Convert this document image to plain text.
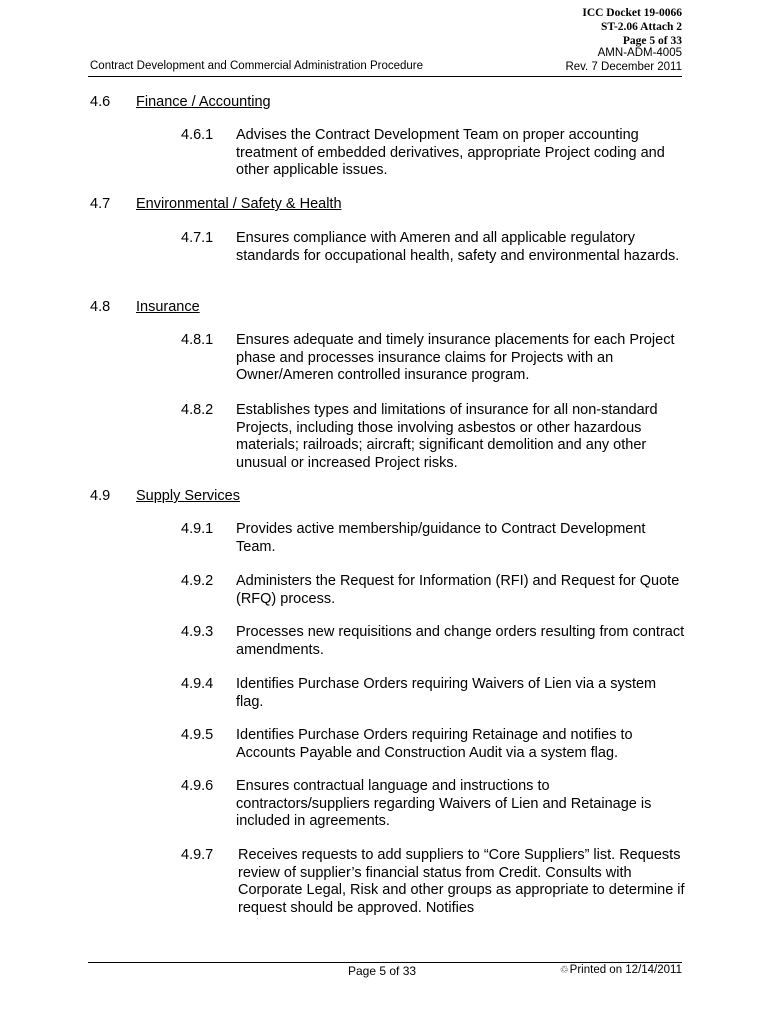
ICC Docket 19-0066
ST-2.06 Attach 2
Page 5 of 33
AMN-ADM-4005
Rev. 7 December 2011
Contract Development and Commercial Administration Procedure
4.6 Finance / Accounting
4.6.1 Advises the Contract Development Team on proper accounting treatment of embedded derivatives, appropriate Project coding and other applicable issues.
4.7 Environmental / Safety & Health
4.7.1 Ensures compliance with Ameren and all applicable regulatory standards for occupational health, safety and environmental hazards.
4.8 Insurance
4.8.1 Ensures adequate and timely insurance placements for each Project phase and processes insurance claims for Projects with an Owner/Ameren controlled insurance program.
4.8.2 Establishes types and limitations of insurance for all non-standard Projects, including those involving asbestos or other hazardous materials; railroads; aircraft; significant demolition and any other unusual or increased Project risks.
4.9 Supply Services
4.9.1 Provides active membership/guidance to Contract Development Team.
4.9.2 Administers the Request for Information (RFI) and Request for Quote (RFQ) process.
4.9.3 Processes new requisitions and change orders resulting from contract amendments.
4.9.4 Identifies Purchase Orders requiring Waivers of Lien via a system flag.
4.9.5 Identifies Purchase Orders requiring Retainage and notifies to Accounts Payable and Construction Audit via a system flag.
4.9.6 Ensures contractual language and instructions to contractors/suppliers regarding Waivers of Lien and Retainage is included in agreements.
4.9.7 Receives requests to add suppliers to “Core Suppliers” list. Requests review of supplier’s financial status from Credit. Consults with Corporate Legal, Risk and other groups as appropriate to determine if request should be approved. Notifies
Page 5 of 33	♲Printed on 12/14/2011
